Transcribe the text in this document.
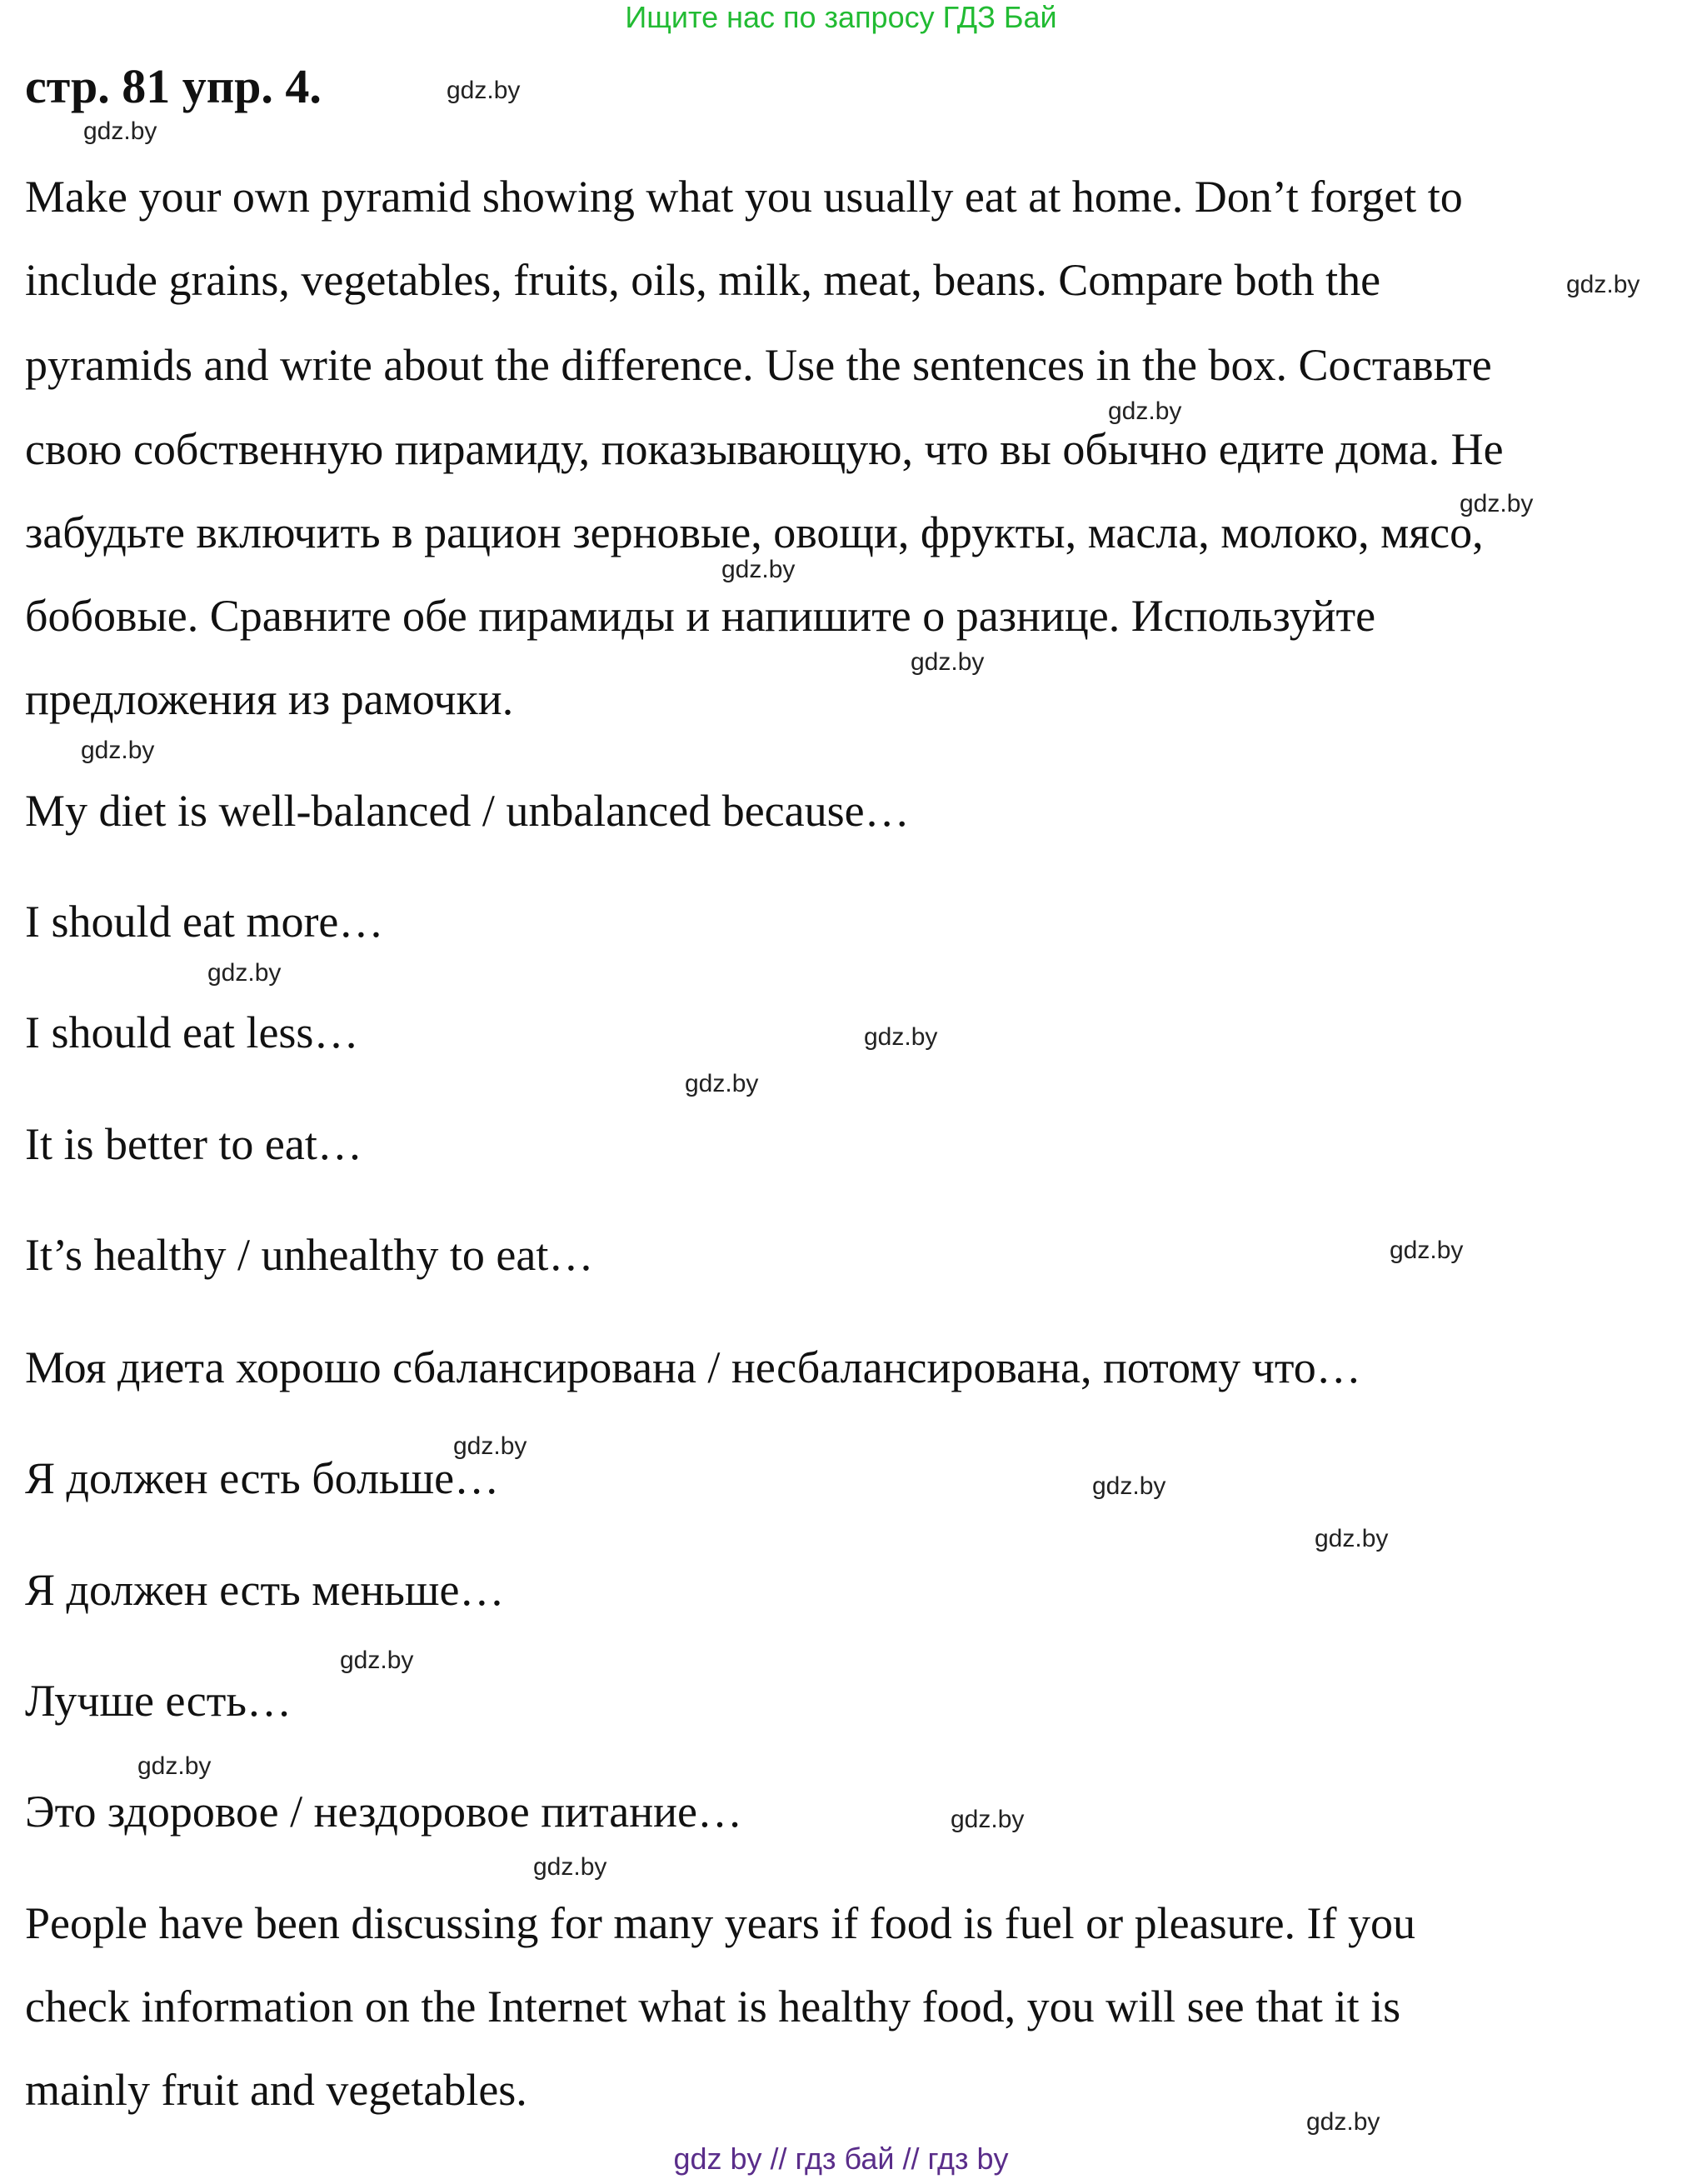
Ищите нас по запросу ГДЗ Бай
стр. 81 упр. 4.
Make your own pyramid showing what you usually eat at home. Don’t forget to
include grains, vegetables, fruits, oils, milk, meat, beans. Compare both the
pyramids and write about the difference. Use the sentences in the box. Составьте
свою собственную пирамиду, показывающую, что вы обычно едите дома. Не
забудьте включить в рацион зерновые, овощи, фрукты, масла, молоко, мясо,
бобовые. Сравните обе пирамиды и напишите о разнице. Используйте
предложения из рамочки.
My diet is well-balanced / unbalanced because…
I should eat more…
I should eat less…
It is better to eat…
It’s healthy / unhealthy to eat…
Моя диета хорошо сбалансирована / несбалансирована, потому что…
Я должен есть больше…
Я должен есть меньше…
Лучше есть…
Это здоровое / нездоровое питание…
People have been discussing for many years if food is fuel or pleasure. If you
check information on the Internet what is healthy food, you will see that it is
mainly fruit and vegetables.
gdz.by
gdz.by
gdz.by
gdz.by
gdz.by
gdz.by
gdz.by
gdz.by
gdz.by
gdz.by
gdz.by
gdz.by
gdz.by
gdz.by
gdz.by
gdz.by
gdz.by
gdz.by
gdz.by
gdz.by
gdz by // гдз бай // гдз by
